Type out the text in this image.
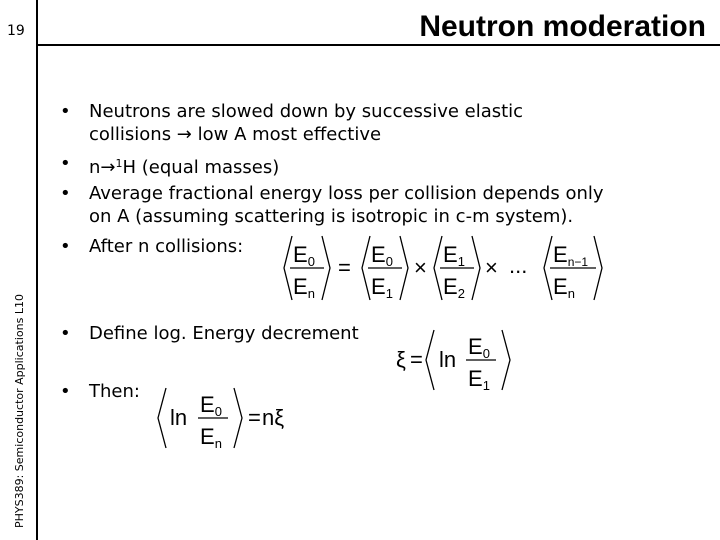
19	Neutron moderation
PHYS389: Semiconductor Applications L10
• Neutrons are slowed down by successive elastic
collisions → low A most effective
• n→$^1$H (equal masses)
• Average fractional energy loss per collision depends only
on A (assuming scattering is isotropic in c-m system).
• After n collisions:
• Define log. Energy decrement
• Then:
E0
En
=
E0
E1
×
E1
E2
× ... En−1
En
ξ = ln
E0
E1
ln
E0
En
= nξ
